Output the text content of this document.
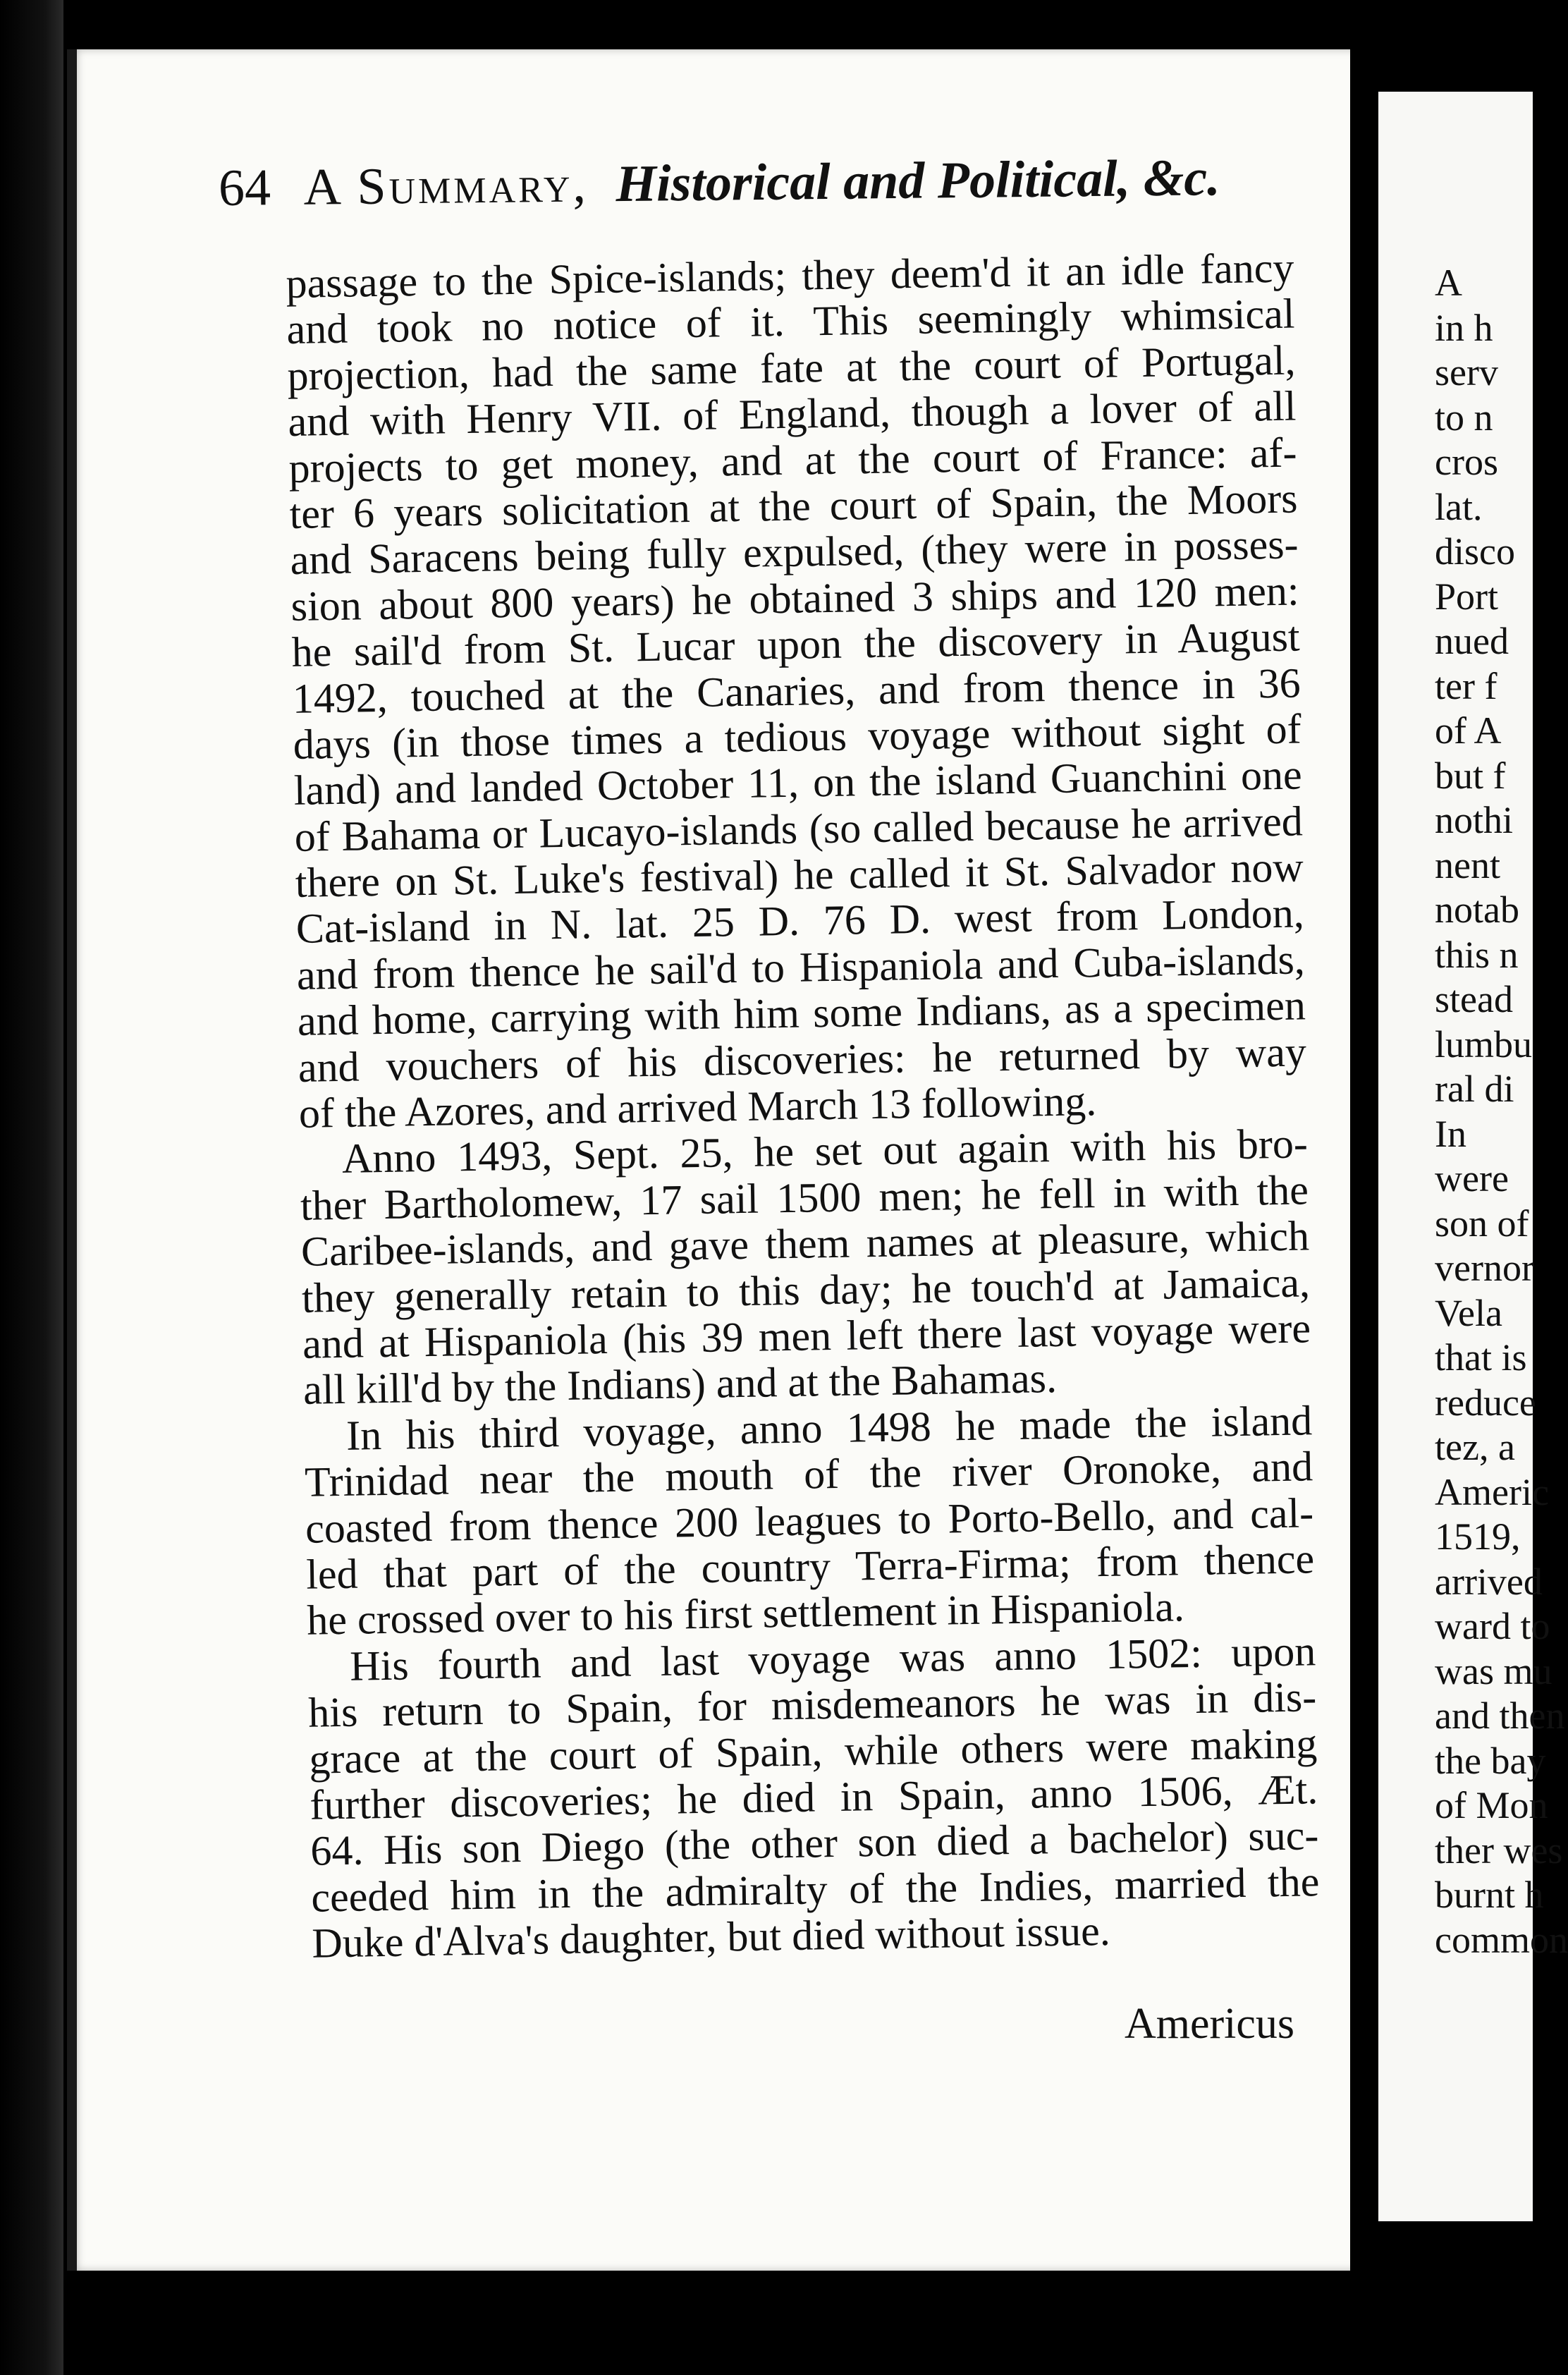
64 A Summary, Historical and Political, &c.
passage to the Spice-islands; they deem'd it an idle fancy
and took no notice of it. This seemingly whimsical
projection, had the same fate at the court of Portugal,
and with Henry VII. of England, though a lover of all
projects to get money, and at the court of France: af-
ter 6 years solicitation at the court of Spain, the Moors
and Saracens being fully expulsed, (they were in posses-
sion about 800 years) he obtained 3 ships and 120 men:
he sail'd from St. Lucar upon the discovery in August
1492, touched at the Canaries, and from thence in 36
days (in those times a tedious voyage without sight of
land) and landed October 11, on the island Guanchini one
of Bahama or Lucayo-islands (so called because he arrived
there on St. Luke's festival) he called it St. Salvador now
Cat-island in N. lat. 25 D. 76 D. west from London,
and from thence he sail'd to Hispaniola and Cuba-islands,
and home, carrying with him some Indians, as a specimen
and vouchers of his discoveries: he returned by way
of the Azores, and arrived March 13 following.
Anno 1493, Sept. 25, he set out again with his bro-
ther Bartholomew, 17 sail 1500 men; he fell in with the
Caribee-islands, and gave them names at pleasure, which
they generally retain to this day; he touch'd at Jamaica,
and at Hispaniola (his 39 men left there last voyage were
all kill'd by the Indians) and at the Bahamas.
In his third voyage, anno 1498 he made the island
Trinidad near the mouth of the river Oronoke, and
coasted from thence 200 leagues to Porto-Bello, and cal-
led that part of the country Terra-Firma; from thence
he crossed over to his first settlement in Hispaniola.
His fourth and last voyage was anno 1502: upon
his return to Spain, for misdemeanors he was in dis-
grace at the court of Spain, while others were making
further discoveries; he died in Spain, anno 1506, Æt.
64. His son Diego (the other son died a bachelor) suc-
ceeded him in the admiralty of the Indies, married the
Duke d'Alva's daughter, but died without issue.
Americus
A
in h
serv
to n
cros
lat.
disco
Port
nued
ter f
of A
but f
nothi
nent
notab
this n
stead
lumbu
ral di
In
were
son of
vernor
Vela
that is
reduce
tez, a
Americ
1519,
arrived
ward to
was mu
and then
the bay
of Mon
ther wes
burnt h
common
